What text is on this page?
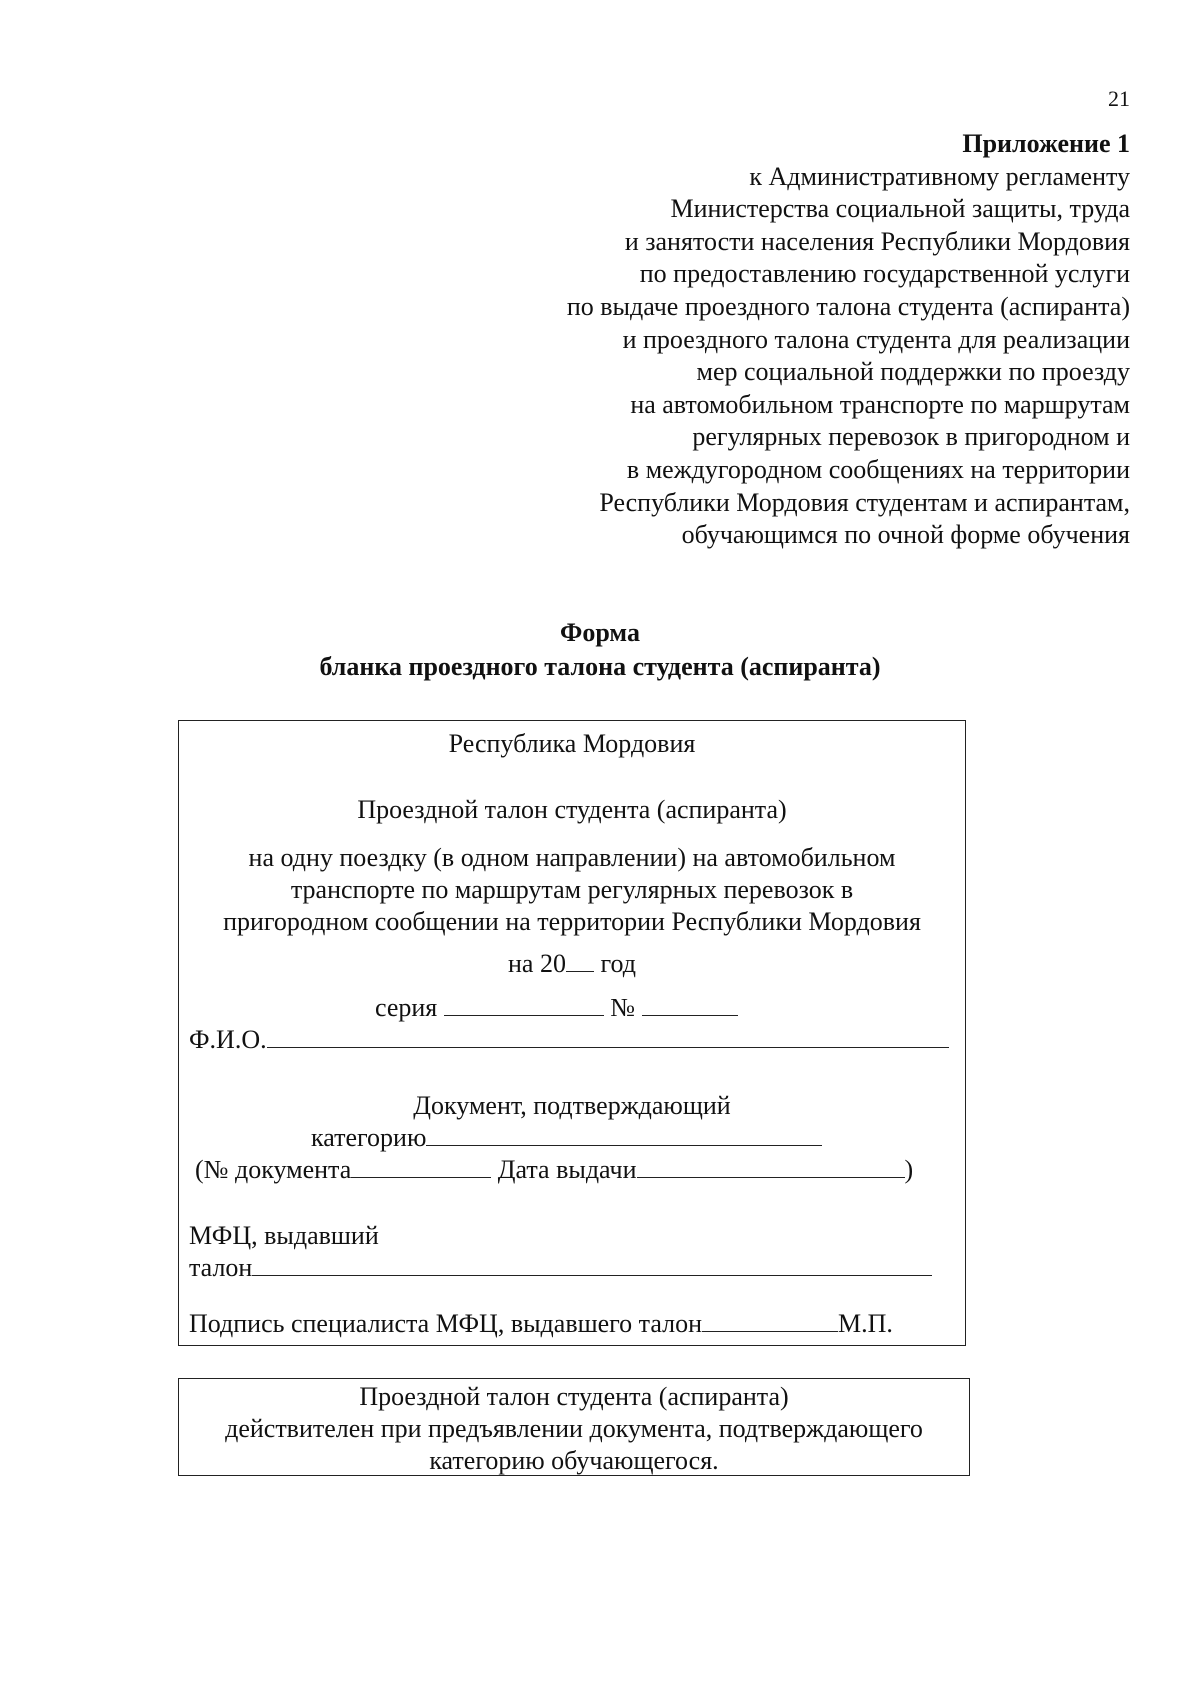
21
Приложение 1
к Административному регламенту
Министерства социальной защиты, труда
и занятости населения Республики Мордовия
по предоставлению государственной услуги
по выдаче проездного талона студента (аспиранта)
и проездного талона студента для реализации
мер социальной поддержки по проезду
на автомобильном транспорте по маршрутам
регулярных перевозок в пригородном и
в междугородном сообщениях на территории
Республики Мордовия студентам и аспирантам,
обучающимся по очной форме обучения
Форма
бланка проездного талона студента (аспиранта)
Республика Мордовия
Проездной талон студента (аспиранта)
на одну поездку (в одном направлении) на автомобильном
транспорте по маршрутам регулярных перевозок в
пригородном сообщении на территории Республики Мордовия
на 20 год
серия	№
Ф.И.О.
Документ, подтверждающий
категорию
(№ документа	Дата выдачи	)
МФЦ, выдавший
талон
Подпись специалиста МФЦ, выдавшего талон	М.П.
Проездной талон студента (аспиранта)
действителен при предъявлении документа, подтверждающего
категорию обучающегося.
